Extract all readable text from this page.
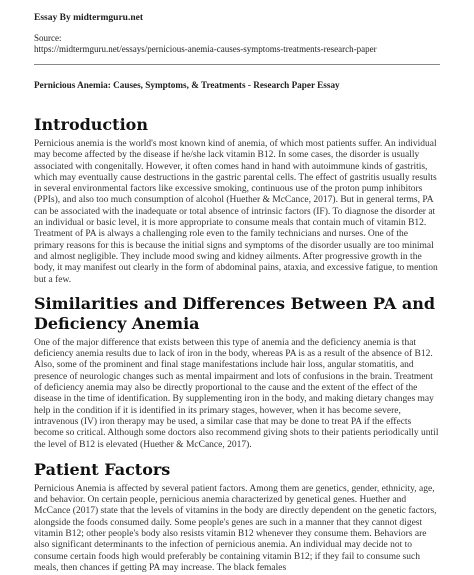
Essay By midtermguru.net
Source:
https://midtermguru.net/essays/pernicious-anemia-causes-symptoms-treatments-research-paper
Pernicious Anemia: Causes, Symptoms, & Treatments - Research Paper Essay
Introduction

Pernicious anemia is the world's most known kind of anemia, of which most patients suffer. An individual may become affected by the disease if he/she lack vitamin B12. In some cases, the disorder is usually associated with congenitally. However, it often comes hand in hand with autoimmune kinds of gastritis, which may eventually cause destructions in the gastric parental cells. The effect of gastritis usually results in several environmental factors like excessive smoking, continuous use of the proton pump inhibitors (PPIs), and also too much consumption of alcohol (Huether & McCance, 2017). But in general terms, PA can be associated with the inadequate or total absence of intrinsic factors (IF). To diagnose the disorder at an individual or basic level, it is more appropriate to consume meals that contain much of vitamin B12. Treatment of PA is always a challenging role even to the family technicians and nurses. One of the primary reasons for this is because the initial signs and symptoms of the disorder usually are too minimal and almost negligible. They include mood swing and kidney ailments. After progressive growth in the body, it may manifest out clearly in the form of abdominal pains, ataxia, and excessive fatigue, to mention but a few.

Similarities and Differences Between PA and Deficiency Anemia

One of the major difference that exists between this type of anemia and the deficiency anemia is that deficiency anemia results due to lack of iron in the body, whereas PA is as a result of the absence of B12. Also, some of the prominent and final stage manifestations include hair loss, angular stomatitis, and presence of neurologic changes such as mental impairment and lots of confusions in the brain. Treatment of deficiency anemia may also be directly proportional to the cause and the extent of the effect of the disease in the time of identification. By supplementing iron in the body, and making dietary changes may help in the condition if it is identified in its primary stages, however, when it has become severe, intravenous (IV) iron therapy may be used, a similar case that may be done to treat PA if the effects become so critical. Although some doctors also recommend giving shots to their patients periodically until the level of B12 is elevated (Huether & McCance, 2017).

Patient Factors

Pernicious Anemia is affected by several patient factors. Among them are genetics, gender, ethnicity, age, and behavior. On certain people, pernicious anemia characterized by genetical genes. Huether and McCance (2017) state that the levels of vitamins in the body are directly dependent on the genetic factors, alongside the foods consumed daily. Some people's genes are such in a manner that they cannot digest vitamin B12; other people's body also resists vitamin B12 whenever they consume them. Behaviors are also significant determinants to the infection of pernicious anemia. An individual may decide not to consume certain foods high would preferably be containing vitamin B12; if they fail to consume such meals, then chances if getting PA may increase. The black females
